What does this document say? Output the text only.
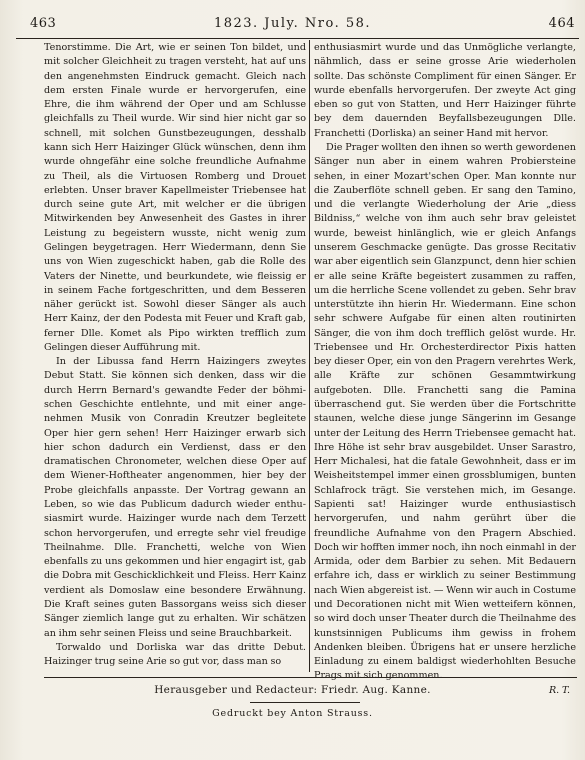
463	1823. July. Nro. 58.	464

Tenorstimme. Die Art, wie er seinen Ton bildet, und mit solcher Gleichheit zu tragen versteht, hat auf uns den angenehmsten Eindruck gemacht. Gleich nach dem ersten Finale wurde er hervorgerufen, eine Ehre, die ihm während der Oper und am Schlusse gleichfalls zu Theil wurde. Wir sind hier nicht gar so schnell, mit solchen Gunstbezeugungen, desshalb kann sich Herr Haizinger Glück wünschen, denn ihm wurde ohngefähr eine solche freundliche Aufnahme zu Theil, als die Virtuosen Romberg und Drouet erlebten. Unser braver Kapellmeister Triebensee hat durch seine gute Art, mit welcher er die übrigen Mitwirkenden bey Anwesenheit des Gastes in ihrer Leistung zu begeistern wusste, nicht wenig zum Gelingen beygetragen. Herr Wiedermann, denn Sie uns von Wien zugeschickt haben, gab die Rolle des Vaters der Ninette, und beurkundete, wie fleissig er in seinem Fache fortgeschritten, und dem Besseren näher gerückt ist. Sowohl dieser Sänger als auch Herr Kainz, der den Podesta mit Feuer und Kraft gab, ferner Dlle. Komet als Pipo wirkten trefflich zum Gelingen dieser Aufführung mit.

In der Libussa fand Herrn Haizingers zweytes Debut Statt. Sie können sich denken, dass wir die durch Herrn Bernard's gewandte Feder der böhmischen Geschichte entlehnte, und mit einer angenehmen Musik von Conradin Kreutzer begleitete Oper hier gern sehen! Herr Haizinger erwarb sich hier schon dadurch ein Verdienst, dass er den dramatischen Chronometer, welchen diese Oper auf dem Wiener-Hoftheater angenommen, hier bey der Probe gleichfalls anpasste. Der Vortrag gewann an Leben, so wie das Publicum dadurch wieder enthusiasmirt wurde. Haizinger wurde nach dem Terzett schon hervorgerufen, und erregte sehr viel freudige Theilnahme. Dlle. Franchetti, welche von Wien ebenfalls zu uns gekommen und hier engagirt ist, gab die Dobra mit Geschicklichkeit und Fleiss. Herr Kainz verdient als Domoslaw eine besondere Erwähnung. Die Kraft seines guten Bassorgans weiss sich dieser Sänger ziemlich lange gut zu erhalten. Wir schätzen an ihm sehr seinen Fleiss und seine Brauchbarkeit.

Torwaldo und Dorliska war das dritte Debut. Haizinger trug seine Arie so gut vor, dass man so

enthusiasmirt wurde und das Unmögliche verlangte, nähmlich, dass er seine grosse Arie wiederholen sollte. Das schönste Compliment für einen Sänger. Er wurde ebenfalls hervorgerufen. Der zweyte Act ging eben so gut von Statten, und Herr Haizinger führte bey dem dauernden Beyfallsbezeugungen Dlle. Franchetti (Dorliska) an seiner Hand mit hervor.

Die Prager wollten den ihnen so werth gewordenen Sänger nun aber in einem wahren Probiersteine sehen, in einer Mozart'schen Oper. Man konnte nur die Zauberflöte schnell geben. Er sang den Tamino, und die verlangte Wiederholung der Arie „diess Bildniss,“ welche von ihm auch sehr brav geleistet wurde, beweist hinlänglich, wie er gleich Anfangs unserem Geschmacke genügte. Das grosse Recitativ war aber eigentlich sein Glanzpunct, denn hier schien er alle seine Kräfte begeistert zusammen zu raffen, um die herrliche Scene vollendet zu geben. Sehr brav unterstützte ihn hierin Hr. Wiedermann. Eine schon sehr schwere Aufgabe für einen alten routinirten Sänger, die von ihm doch trefflich gelöst wurde. Hr. Triebensee und Hr. Orchesterdirector Pixis hatten bey dieser Oper, ein von den Pragern verehrtes Werk, alle Kräfte zur schönen Gesammtwirkung aufgeboten. Dlle. Franchetti sang die Pamina überraschend gut. Sie werden über die Fortschritte staunen, welche diese junge Sängerinn im Gesange unter der Leitung des Herrn Triebensee gemacht hat. Ihre Höhe ist sehr brav ausgebildet. Unser Sarastro, Herr Michalesi, hat die fatale Gewohnheit, dass er im Weisheitstempel immer einen grossblumigen, bunten Schlafrock trägt. Sie verstehen mich, im Gesange. Sapienti sat! Haizinger wurde enthusiastisch hervorgerufen, und nahm gerührt über die freundliche Aufnahme von den Pragern Abschied. Doch wir hofften immer noch, ihn noch einmahl in der Armida, oder dem Barbier zu sehen. Mit Bedauern erfahre ich, dass er wirklich zu seiner Bestimmung nach Wien abgereist ist. — Wenn wir auch in Costume und Decorationen nicht mit Wien wetteifern können, so wird doch unser Theater durch die Theilnahme des kunstsinnigen Publicums ihm gewiss in frohem Andenken bleiben. Übrigens hat er unsere herzliche Einladung zu einem baldigst wiederhohlten Besuche Prags mit sich genommen.

R. T.

Herausgeber und Redacteur: Friedr. Aug. Kanne.
Gedruckt bey Anton Strauss.
